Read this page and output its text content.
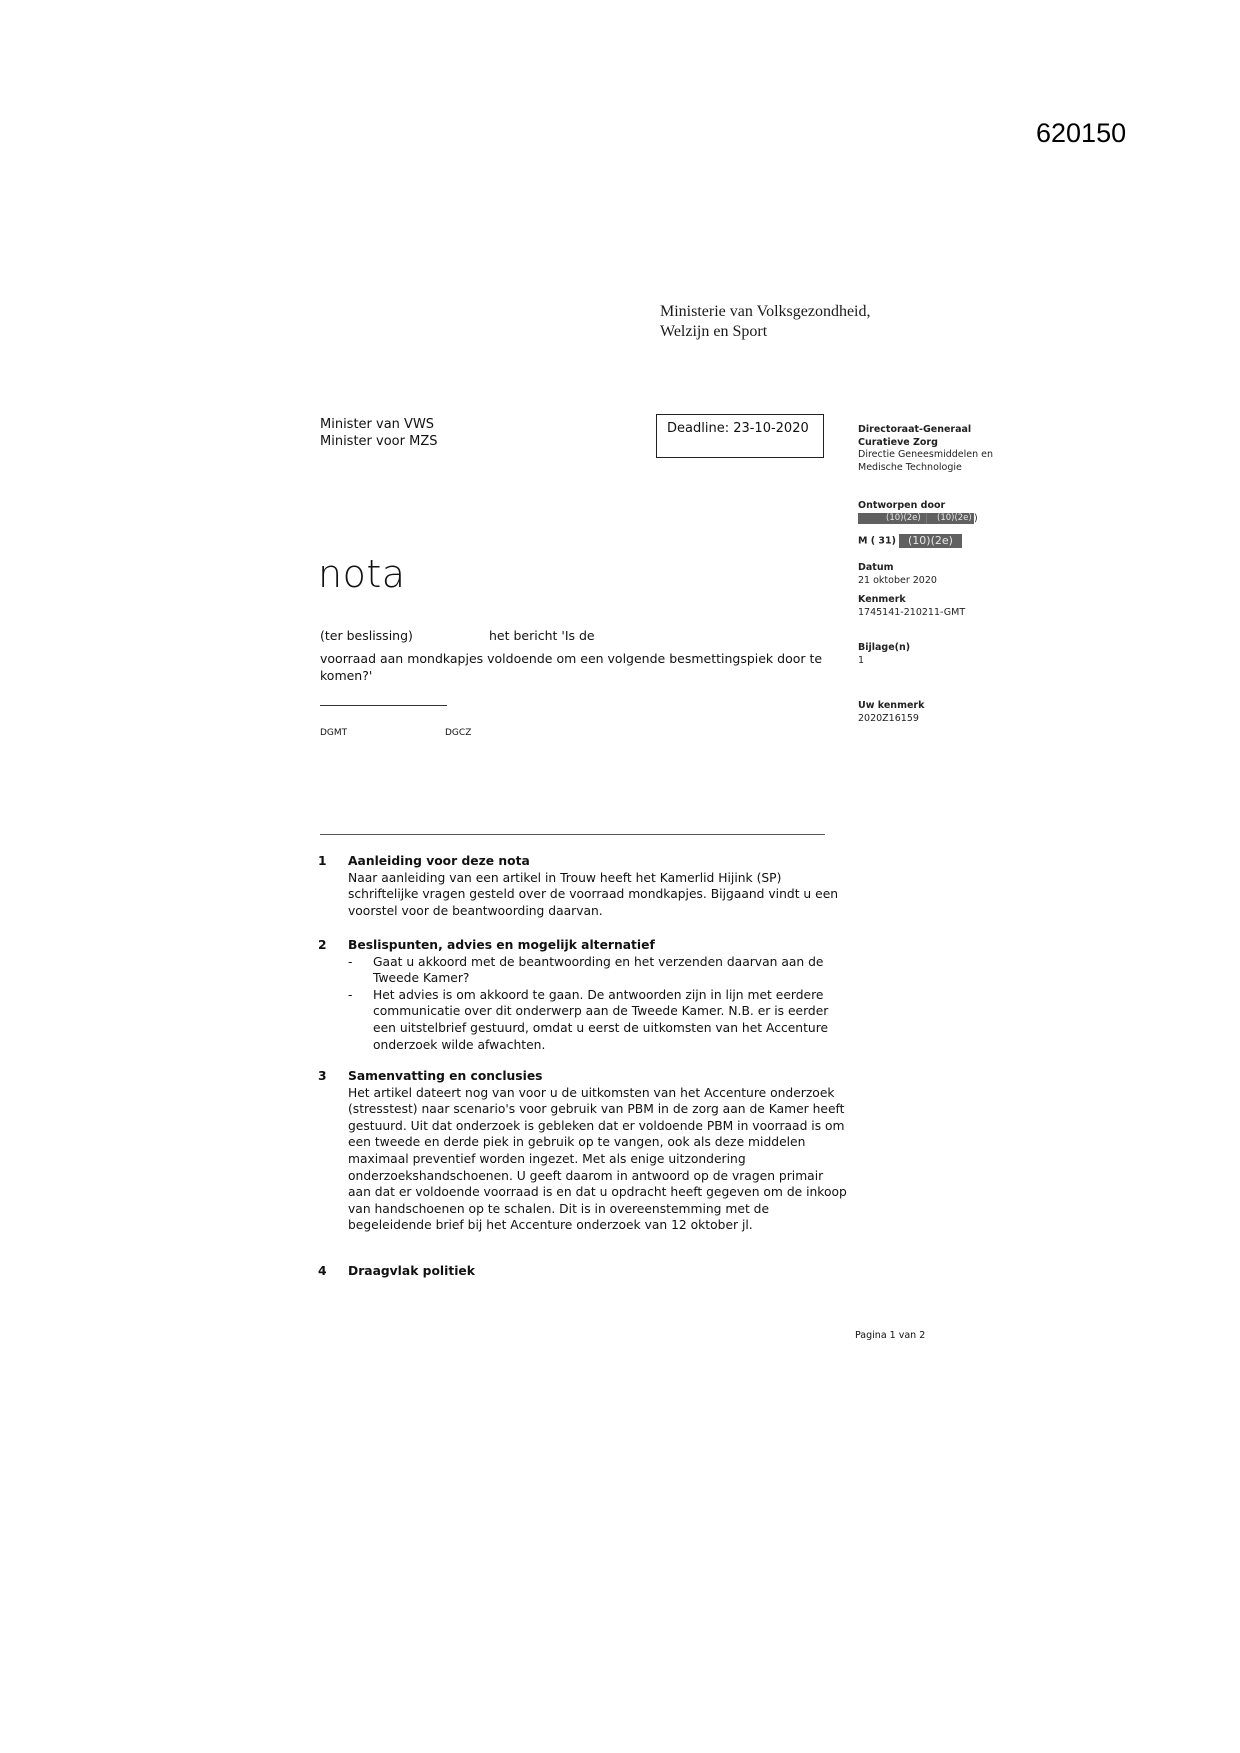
620150
Ministerie van Volksgezondheid,
Welzijn en Sport
Minister van VWS
Minister voor MZS
Deadline: 23-10-2020
nota
(ter beslissing)	het bericht 'Is de
voorraad aan mondkapjes voldoende om een volgende besmettingspiek door te komen?'
DGMT	DGCZ
Directoraat-Generaal
Curatieve Zorg
Directie Geneesmiddelen en
Medische Technologie
Ontworpen door
(10)(2e) (10)(2e) )
M ( 31) (10)(2e)
Datum
21 oktober 2020
Kenmerk
1745141-210211-GMT
Bijlage(n)
1
Uw kenmerk
2020Z16159
1 Aanleiding voor deze nota
Naar aanleiding van een artikel in Trouw heeft het Kamerlid Hijink (SP) schriftelijke vragen gesteld over de voorraad mondkapjes. Bijgaand vindt u een voorstel voor de beantwoording daarvan.
2 Beslispunten, advies en mogelijk alternatief
- Gaat u akkoord met de beantwoording en het verzenden daarvan aan de Tweede Kamer?
- Het advies is om akkoord te gaan. De antwoorden zijn in lijn met eerdere communicatie over dit onderwerp aan de Tweede Kamer. N.B. er is eerder een uitstelbrief gestuurd, omdat u eerst de uitkomsten van het Accenture onderzoek wilde afwachten.
3 Samenvatting en conclusies
Het artikel dateert nog van voor u de uitkomsten van het Accenture onderzoek (stresstest) naar scenario's voor gebruik van PBM in de zorg aan de Kamer heeft gestuurd. Uit dat onderzoek is gebleken dat er voldoende PBM in voorraad is om een tweede en derde piek in gebruik op te vangen, ook als deze middelen maximaal preventief worden ingezet. Met als enige uitzondering onderzoekshandschoenen. U geeft daarom in antwoord op de vragen primair aan dat er voldoende voorraad is en dat u opdracht heeft gegeven om de inkoop van handschoenen op te schalen. Dit is in overeenstemming met de begeleidende brief bij het Accenture onderzoek van 12 oktober jl.
4 Draagvlak politiek
Pagina 1 van 2
